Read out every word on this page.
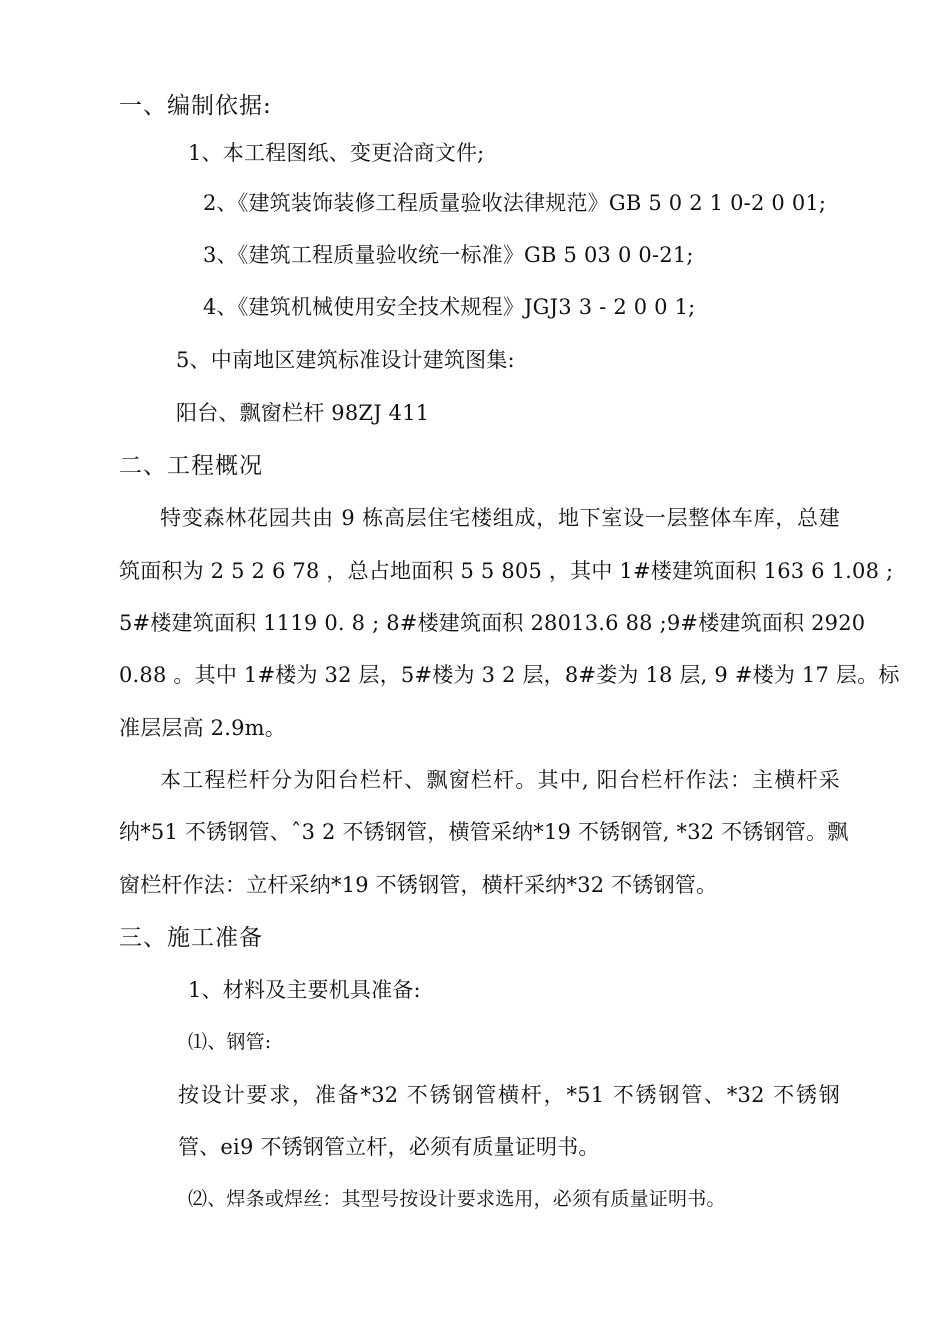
一、编制依据:
1、本工程图纸、变更洽商文件;
2、《建筑装饰装修工程质量验收法律规范》GB 5 0 2 1 0-2 0 01;
3、《建筑工程质量验收统一标准》GB 5 03 0 0-21;
4、《建筑机械使用安全技术规程》JGJ3 3 - 2 0 0 1;
5、中南地区建筑标准设计建筑图集:
阳台、飘窗栏杆 98ZJ 411
二、工程概况
特变森林花园共由 9 栋高层住宅楼组成，地下室设一层整体车库，总建
筑面积为 2 5 2 6 78 ，总占地面积 5 5 805 ，其中 1#楼建筑面积 163 6 1.08 ;
5#楼建筑面积 1119 0. 8 ; 8#楼建筑面积 28013.6 88 ;9#楼建筑面积 2920
0.88 。其中 1#楼为 32 层，5#楼为 3 2 层，8#娄为 18 层, 9 #楼为 17 层。标
准层层高 2.9m。
本工程栏杆分为阳台栏杆、飘窗栏杆。其中, 阳台栏杆作法：主横杆采
纳*51 不锈钢管、ˆ3 2 不锈钢管，横管采纳*19 不锈钢管, *32 不锈钢管。飘
窗栏杆作法：立杆采纳*19 不锈钢管，横杆采纳*32 不锈钢管。
三、施工准备
1、材料及主要机具准备:
⑴、钢管:
按设计要求，准备*32 不锈钢管横杆，*51 不锈钢管、*32 不锈钢
管、ei9 不锈钢管立杆，必须有质量证明书。
⑵、焊条或焊丝：其型号按设计要求选用，必须有质量证明书。
